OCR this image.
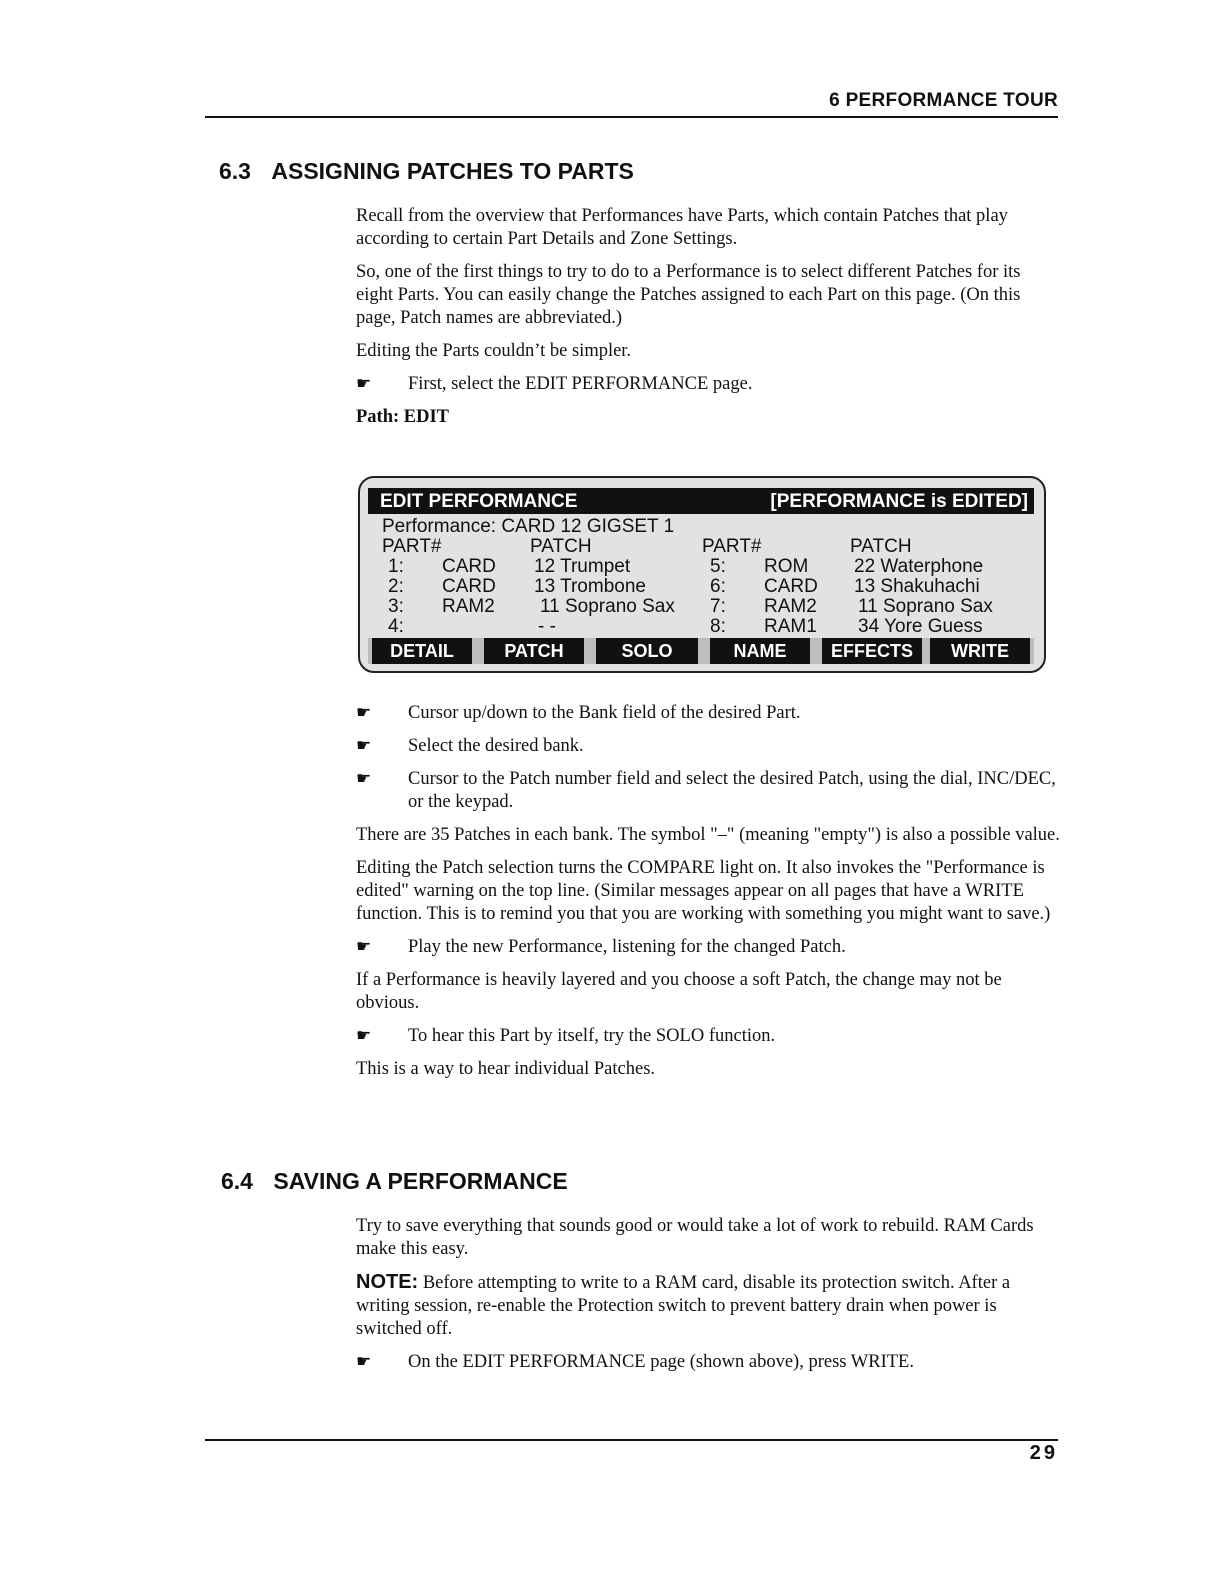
6 PERFORMANCE TOUR
6.3 ASSIGNING PATCHES TO PARTS

Recall from the overview that Performances have Parts, which contain Patches that play according to certain Part Details and Zone Settings.

So, one of the first things to try to do to a Performance is to select different Patches for its eight Parts. You can easily change the Patches assigned to each Part on this page. (On this page, Patch names are abbreviated.)

Editing the Parts couldn’t be simpler.

☛ First, select the EDIT PERFORMANCE page.

Path: EDIT

EDIT PERFORMANCE	[PERFORMANCE is EDITED]
Performance: CARD 12 GIGSET 1
PART#	PATCH	PART#	PATCH
1: CARD 12 Trumpet	5: ROM 22 Waterphone
2: CARD 13 Trombone	6: CARD 13 Shakuhachi
3: RAM2 11 Soprano Sax 7: RAM2 11 Soprano Sax
4:	- -	8: RAM1 34 Yore Guess
DETAIL	PATCH	SOLO	NAME	EFFECTS	WRITE
☛ Cursor up/down to the Bank field of the desired Part.
☛ Select the desired bank.
☛ Cursor to the Patch number field and select the desired Patch, using the dial, INC/DEC, or the keypad.

There are 35 Patches in each bank. The symbol "–" (meaning "empty") is also a possible value.

Editing the Patch selection turns the COMPARE light on. It also invokes the "Performance is edited" warning on the top line. (Similar messages appear on all pages that have a WRITE function. This is to remind you that you are working with something you might want to save.)

☛ Play the new Performance, listening for the changed Patch.

If a Performance is heavily layered and you choose a soft Patch, the change may not be obvious.

☛ To hear this Part by itself, try the SOLO function.

This is a way to hear individual Patches.

6.4 SAVING A PERFORMANCE

Try to save everything that sounds good or would take a lot of work to rebuild. RAM Cards make this easy.

NOTE: Before attempting to write to a RAM card, disable its protection switch. After a writing session, re-enable the Protection switch to prevent battery drain when power is switched off.

☛ On the EDIT PERFORMANCE page (shown above), press WRITE.
29
